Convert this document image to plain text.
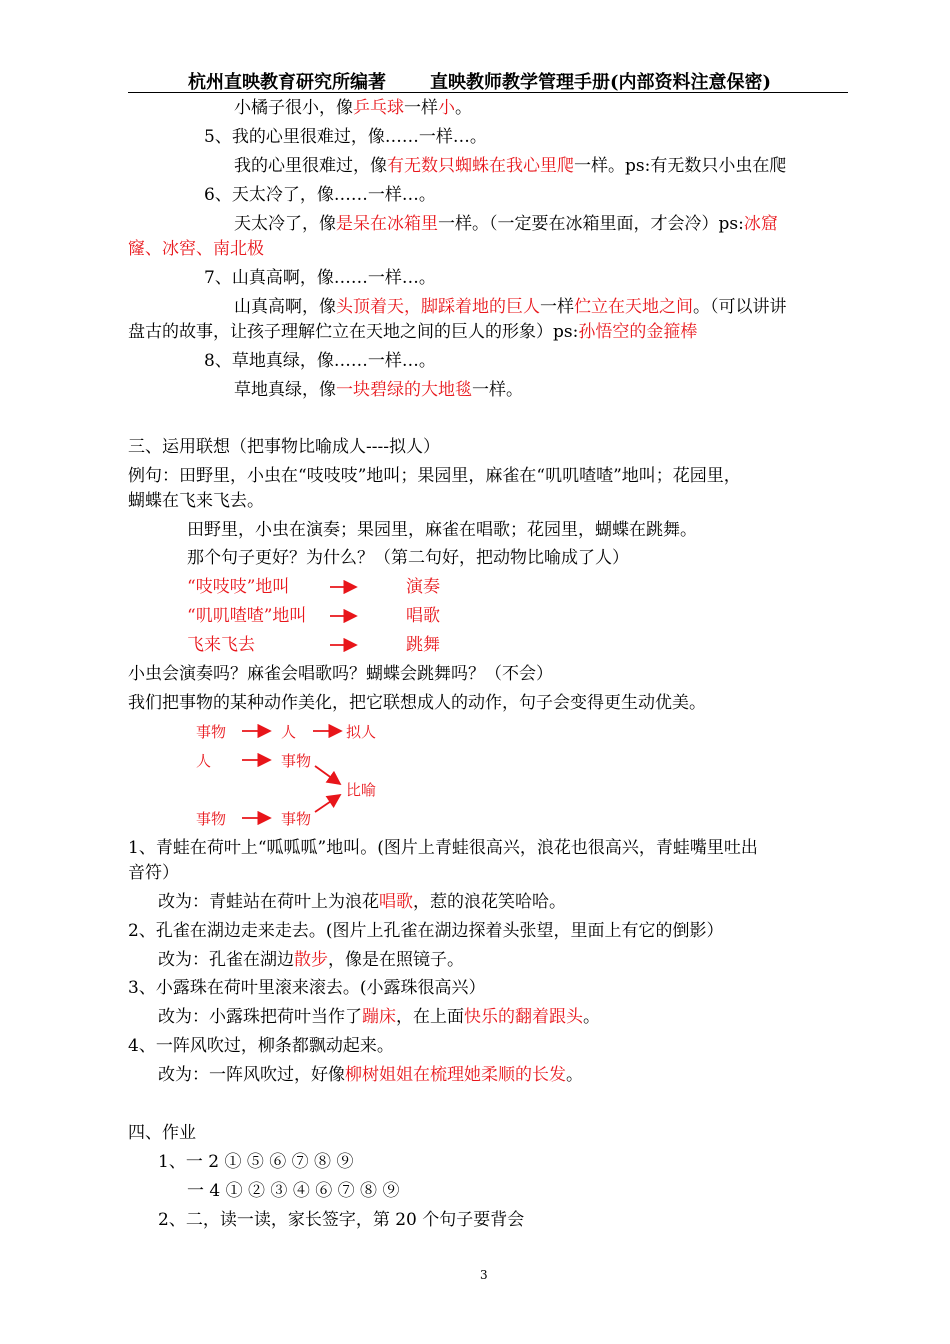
杭州直映教育研究所编著 直映教师教学管理手册(内部资料注意保密)
小橘子很小，像乒乓球一样小。
5、我的心里很难过，像……一样…。
我的心里很难过，像有无数只蜘蛛在我心里爬一样。ps:有无数只小虫在爬
6、天太冷了，像……一样…。
天太冷了，像是呆在冰箱里一样。（一定要在冰箱里面，才会冷）ps:冰窟
窿、冰窖、南北极
7、山真高啊，像……一样…。
山真高啊，像头顶着天，脚踩着地的巨人一样伫立在天地之间。（可以讲讲
盘古的故事，让孩子理解伫立在天地之间的巨人的形象）ps:孙悟空的金箍棒
8、草地真绿，像……一样…。
草地真绿，像一块碧绿的大地毯一样。
三、运用联想（把事物比喻成人----拟人）
例句：田野里，小虫在“吱吱吱”地叫；果园里，麻雀在“叽叽喳喳”地叫；花园里，
蝴蝶在飞来飞去。
田野里，小虫在演奏；果园里，麻雀在唱歌；花园里，蝴蝶在跳舞。
那个句子更好？为什么？（第二句好，把动物比喻成了人）
“吱吱吱”地叫	演奏
“叽叽喳喳”地叫	唱歌
飞来飞去	跳舞
小虫会演奏吗？麻雀会唱歌吗？蝴蝶会跳舞吗？（不会）
我们把事物的某种动作美化，把它联想成人的动作，句子会变得更生动优美。
事物	人	拟人
人	事物
比喻
事物	事物
1、青蛙在荷叶上“呱呱呱”地叫。(图片上青蛙很高兴，浪花也很高兴，青蛙嘴里吐出
音符）
改为：青蛙站在荷叶上为浪花唱歌，惹的浪花笑哈哈。
2、孔雀在湖边走来走去。(图片上孔雀在湖边探着头张望，里面上有它的倒影）
改为：孔雀在湖边散步，像是在照镜子。
3、小露珠在荷叶里滚来滚去。(小露珠很高兴）
改为：小露珠把荷叶当作了蹦床，在上面快乐的翻着跟头。
4、一阵风吹过，柳条都飘动起来。
改为：一阵风吹过，好像柳树姐姐在梳理她柔顺的长发。
四、作业
1、一 2 ① ⑤ ⑥ ⑦ ⑧ ⑨
一 4 ① ② ③ ④ ⑥ ⑦ ⑧ ⑨
2、二，读一读，家长签字，第 20 个句子要背会
3
